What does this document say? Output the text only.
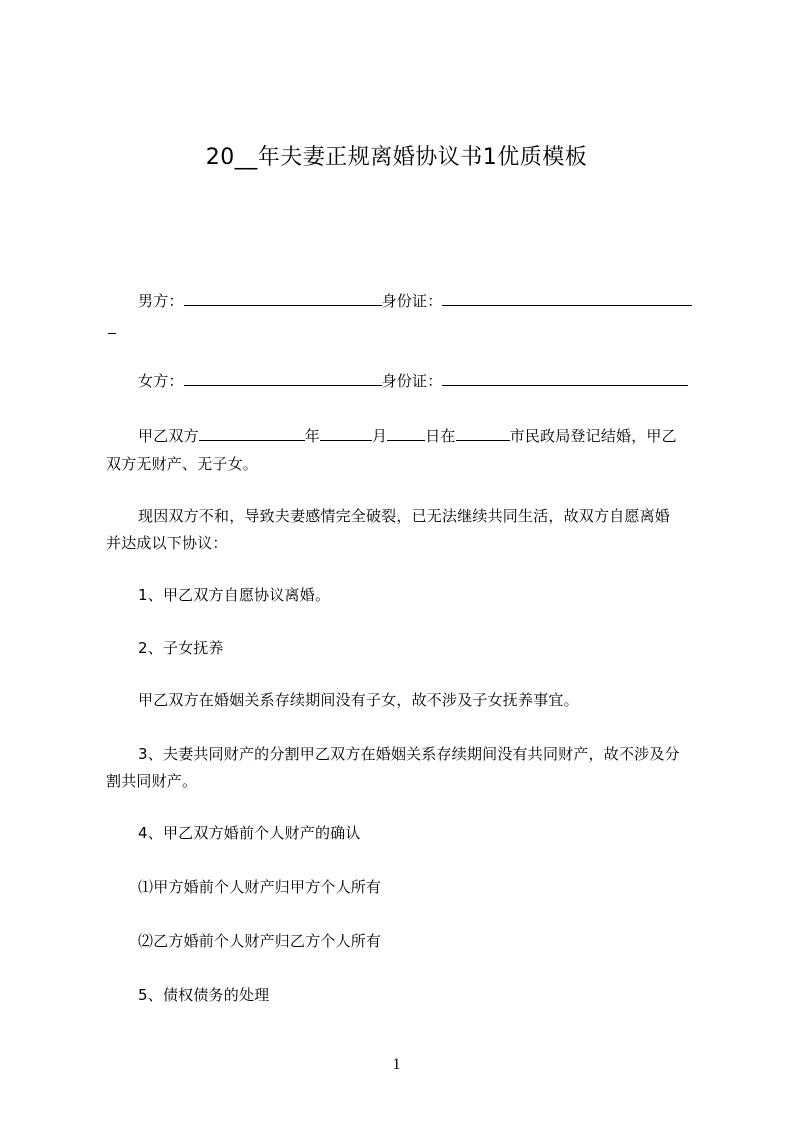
20__年夫妻正规离婚协议书1优质模板
男方：	身份证：
女方：	身份证：
甲乙双方	年	月	日在	市民政局登记结婚，甲乙
双方无财产、无子女。
现因双方不和，导致夫妻感情完全破裂，已无法继续共同生活，故双方自愿离婚
并达成以下协议：
1、甲乙双方自愿协议离婚。
2、子女抚养
甲乙双方在婚姻关系存续期间没有子女，故不涉及子女抚养事宜。
3、夫妻共同财产的分割甲乙双方在婚姻关系存续期间没有共同财产，故不涉及分
割共同财产。
4、甲乙双方婚前个人财产的确认
⑴甲方婚前个人财产归甲方个人所有
⑵乙方婚前个人财产归乙方个人所有
5、债权债务的处理
1
